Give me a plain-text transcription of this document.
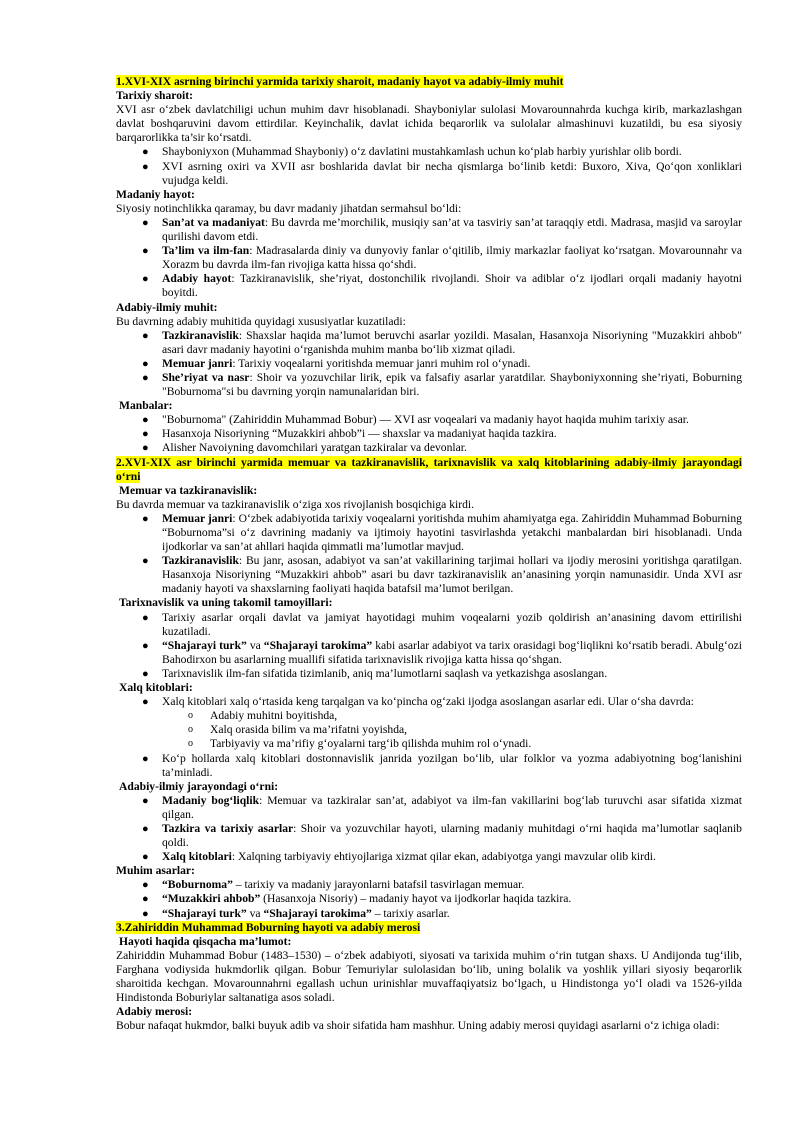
1.XVI-XIX asrning birinchi yarmida tarixiy sharoit, madaniy hayot va adabiy-ilmiy muhit

Tarixiy sharoit:

XVI asr o‘zbek davlatchiligi uchun muhim davr hisoblanadi. Shayboniylar sulolasi Movarounnahrda kuchga kirib, markazlashgan davlat boshqaruvini davom ettirdilar. Keyinchalik, davlat ichida beqarorlik va sulolalar almashinuvi kuzatildi, bu esa siyosiy barqarorlikka ta’sir ko‘rsatdi.

● Shayboniyxon (Muhammad Shayboniy) o‘z davlatini mustahkamlash uchun ko‘plab harbiy yurishlar olib bordi.
● XVI asrning oxiri va XVII asr boshlarida davlat bir necha qismlarga bo‘linib ketdi: Buxoro, Xiva, Qo‘qon xonliklari vujudga keldi.

Madaniy hayot:

Siyosiy notinchlikka qaramay, bu davr madaniy jihatdan sermahsul bo‘ldi:

● San’at va madaniyat: Bu davrda me’morchilik, musiqiy san’at va tasviriy san’at taraqqiy etdi. Madrasa, masjid va saroylar qurilishi davom etdi.
● Ta’lim va ilm-fan: Madrasalarda diniy va dunyoviy fanlar o‘qitilib, ilmiy markazlar faoliyat ko‘rsatgan. Movarounnahr va Xorazm bu davrda ilm-fan rivojiga katta hissa qo‘shdi.
● Adabiy hayot: Tazkiranavislik, she’riyat, dostonchilik rivojlandi. Shoir va adiblar o‘z ijodlari orqali madaniy hayotni boyitdi.

Adabiy-ilmiy muhit:

Bu davrning adabiy muhitida quyidagi xususiyatlar kuzatiladi:

● Tazkiranavislik: Shaxslar haqida ma’lumot beruvchi asarlar yozildi. Masalan, Hasanxoja Nisoriyning "Muzakkiri ahbob" asari davr madaniy hayotini o‘rganishda muhim manba bo‘lib xizmat qiladi.
● Memuar janri: Tarixiy voqealarni yoritishda memuar janri muhim rol o‘ynadi.
● She’riyat va nasr: Shoir va yozuvchilar lirik, epik va falsafiy asarlar yaratdilar. Shayboniyxonning she’riyati, Boburning "Boburnoma"si bu davrning yorqin namunalaridan biri.

Manbalar:

● "Boburnoma" (Zahiriddin Muhammad Bobur) — XVI asr voqealari va madaniy hayot haqida muhim tarixiy asar.
● Hasanxoja Nisoriyning “Muzakkiri ahbob”i — shaxslar va madaniyat haqida tazkira.
● Alisher Navoiyning davomchilari yaratgan tazkiralar va devonlar.

2.XVI-XIX asr birinchi yarmida memuar va tazkiranavislik, tarixnavislik va xalq kitoblarining adabiy-ilmiy jarayondagi o‘rni

Memuar va tazkiranavislik:

Bu davrda memuar va tazkiranavislik o‘ziga xos rivojlanish bosqichiga kirdi.

● Memuar janri: O‘zbek adabiyotida tarixiy voqealarni yoritishda muhim ahamiyatga ega. Zahiriddin Muhammad Boburning “Boburnoma”si o‘z davrining madaniy va ijtimoiy hayotini tasvirlashda yetakchi manbalardan biri hisoblanadi. Unda ijodkorlar va san’at ahllari haqida qimmatli ma’lumotlar mavjud.
● Tazkiranavislik: Bu janr, asosan, adabiyot va san’at vakillarining tarjimai hollari va ijodiy merosini yoritishga qaratilgan. Hasanxoja Nisoriyning “Muzakkiri ahbob” asari bu davr tazkiranavislik an’anasining yorqin namunasidir. Unda XVI asr madaniy hayoti va shaxslarning faoliyati haqida batafsil ma’lumot berilgan.

Tarixnavislik va uning takomil tamoyillari:

● Tarixiy asarlar orqali davlat va jamiyat hayotidagi muhim voqealarni yozib qoldirish an’anasining davom ettirilishi kuzatiladi.
● “Shajarayi turk” va “Shajarayi tarokima” kabi asarlar adabiyot va tarix orasidagi bog‘liqlikni ko‘rsatib beradi. Abulg‘ozi Bahodirxon bu asarlarning muallifi sifatida tarixnavislik rivojiga katta hissa qo‘shgan.
● Tarixnavislik ilm-fan sifatida tizimlanib, aniq ma’lumotlarni saqlash va yetkazishga asoslangan.

Xalq kitoblari:

● Xalq kitoblari xalq o‘rtasida keng tarqalgan va ko‘pincha og‘zaki ijodga asoslangan asarlar edi. Ular o‘sha davrda:
o Adabiy muhitni boyitishda,
o Xalq orasida bilim va ma’rifatni yoyishda,
o Tarbiyaviy va ma’rifiy g‘oyalarni targ‘ib qilishda muhim rol o‘ynadi.
● Ko‘p hollarda xalq kitoblari dostonnavislik janrida yozilgan bo‘lib, ular folklor va yozma adabiyotning bog‘lanishini ta’minladi.

Adabiy-ilmiy jarayondagi o‘rni:

● Madaniy bog‘liqlik: Memuar va tazkiralar san’at, adabiyot va ilm-fan vakillarini bog‘lab turuvchi asar sifatida xizmat qilgan.
● Tazkira va tarixiy asarlar: Shoir va yozuvchilar hayoti, ularning madaniy muhitdagi o‘rni haqida ma’lumotlar saqlanib qoldi.
● Xalq kitoblari: Xalqning tarbiyaviy ehtiyojlariga xizmat qilar ekan, adabiyotga yangi mavzular olib kirdi.

Muhim asarlar:

● “Boburnoma” – tarixiy va madaniy jarayonlarni batafsil tasvirlagan memuar.
● “Muzakkiri ahbob” (Hasanxoja Nisoriy) – madaniy hayot va ijodkorlar haqida tazkira.
● “Shajarayi turk” va “Shajarayi tarokima” – tarixiy asarlar.

3.Zahiriddin Muhammad Boburning hayoti va adabiy merosi

Hayoti haqida qisqacha ma’lumot:

Zahiriddin Muhammad Bobur (1483–1530) – o‘zbek adabiyoti, siyosati va tarixida muhim o‘rin tutgan shaxs. U Andijonda tug‘ilib, Farghana vodiysida hukmdorlik qilgan. Bobur Temuriylar sulolasidan bo‘lib, uning bolalik va yoshlik yillari siyosiy beqarorlik sharoitida kechgan. Movarounnahrni egallash uchun urinishlar muvaffaqiyatsiz bo‘lgach, u Hindistonga yo‘l oladi va 1526-yilda Hindistonda Boburiylar saltanatiga asos soladi.

Adabiy merosi:

Bobur nafaqat hukmdor, balki buyuk adib va shoir sifatida ham mashhur. Uning adabiy merosi quyidagi asarlarni o‘z ichiga oladi:
